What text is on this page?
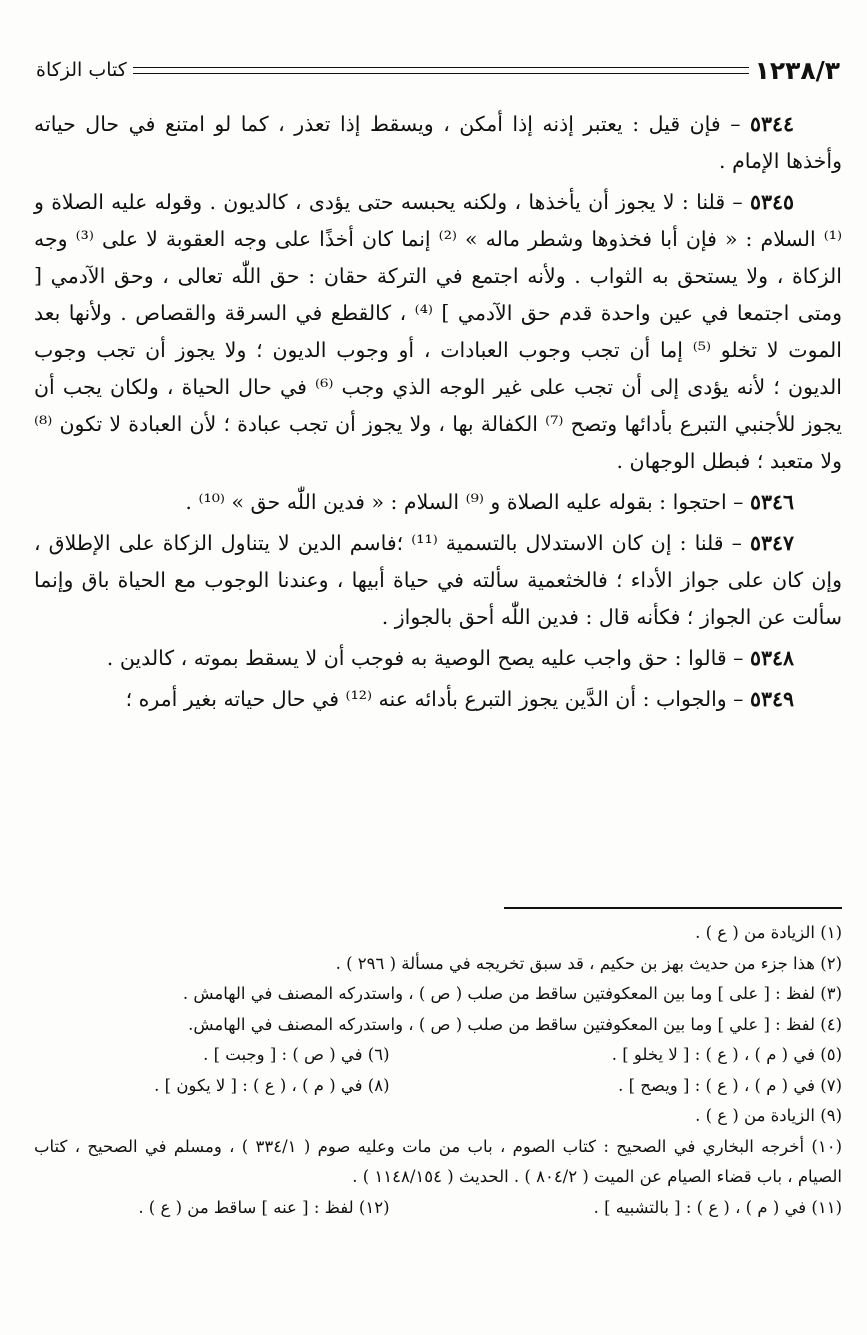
١٢٣٨/٣
كتاب الزكاة

٥٣٤٤ – فإن قيل : يعتبر إذنه إذا أمكن ، ويسقط إذا تعذر ، كما لو امتنع في حال حياته وأخذها الإمام .

٥٣٤٥ – قلنا : لا يجوز أن يأخذها ، ولكنه يحبسه حتى يؤدى ، كالديون . وقوله عليه الصلاة و ⁽¹⁾ السلام : « فإن أبا فخذوها وشطر ماله » ⁽²⁾ إنما كان أخذًا على وجه العقوبة لا على ⁽³⁾ وجه الزكاة ، ولا يستحق به الثواب . ولأنه اجتمع في التركة حقان : حق اللّٰه تعالى ، وحق الآدمي [ ومتى اجتمعا في عين واحدة قدم حق الآدمي ] ⁽⁴⁾ ، كالقطع في السرقة والقصاص . ولأنها بعد الموت لا تخلو ⁽⁵⁾ إما أن تجب وجوب العبادات ، أو وجوب الديون ؛ ولا يجوز أن تجب وجوب الديون ؛ لأنه يؤدى إلى أن تجب على غير الوجه الذي وجب ⁽⁶⁾ في حال الحياة ، ولكان يجب أن يجوز للأجنبي التبرع بأدائها وتصح ⁽⁷⁾ الكفالة بها ، ولا يجوز أن تجب عبادة ؛ لأن العبادة لا تكون ⁽⁸⁾ ولا متعبد ؛ فبطل الوجهان .

٥٣٤٦ – احتجوا : بقوله عليه الصلاة و ⁽⁹⁾ السلام : « فدين اللّٰه حق » ⁽¹⁰⁾ .

٥٣٤٧ – قلنا : إن كان الاستدلال بالتسمية ⁽¹¹⁾ ؛فاسم الدين لا يتناول الزكاة على الإطلاق ، وإن كان على جواز الأداء ؛ فالخثعمية سألته في حياة أبيها ، وعندنا الوجوب مع الحياة باق وإنما سألت عن الجواز ؛ فكأنه قال : فدين اللّٰه أحق بالجواز .

٥٣٤٨ – قالوا : حق واجب عليه يصح الوصية به فوجب أن لا يسقط بموته ، كالدين .

٥٣٤٩ – والجواب : أن الدَّين يجوز التبرع بأدائه عنه ⁽¹²⁾ في حال حياته بغير أمره ؛

(١) الزيادة من ( ع ) .

(٢) هذا جزء من حديث بهز بن حكيم ، قد سبق تخريجه في مسألة ( ٢٩٦ ) .

(٣) لفظ : [ على ] وما بين المعكوفتين ساقط من صلب ( ص ) ، واستدركه المصنف في الهامش .

(٤) لفظ : [ علي ] وما بين المعكوفتين ساقط من صلب ( ص ) ، واستدركه المصنف في الهامش.

(٥) في ( م ) ، ( ع ) : [ لا يخلو ] .

(٦) في ( ص ) : [ وجبت ] .

(٧) في ( م ) ، ( ع ) : [ ويصح ] .

(٨) في ( م ) ، ( ع ) : [ لا يكون ] .

(٩) الزيادة من ( ع ) .

(١٠) أخرجه البخاري في الصحيح : كتاب الصوم ، باب من مات وعليه صوم ( ٣٣٤/١ ) ، ومسلم في الصحيح ، كتاب الصيام ، باب قضاء الصيام عن الميت ( ٨٠٤/٢ ) . الحديث ( ١١٤٨/١٥٤ ) .

(١١) في ( م ) ، ( ع ) : [ بالتشبيه ] .

(١٢) لفظ : [ عنه ] ساقط من ( ع ) .
